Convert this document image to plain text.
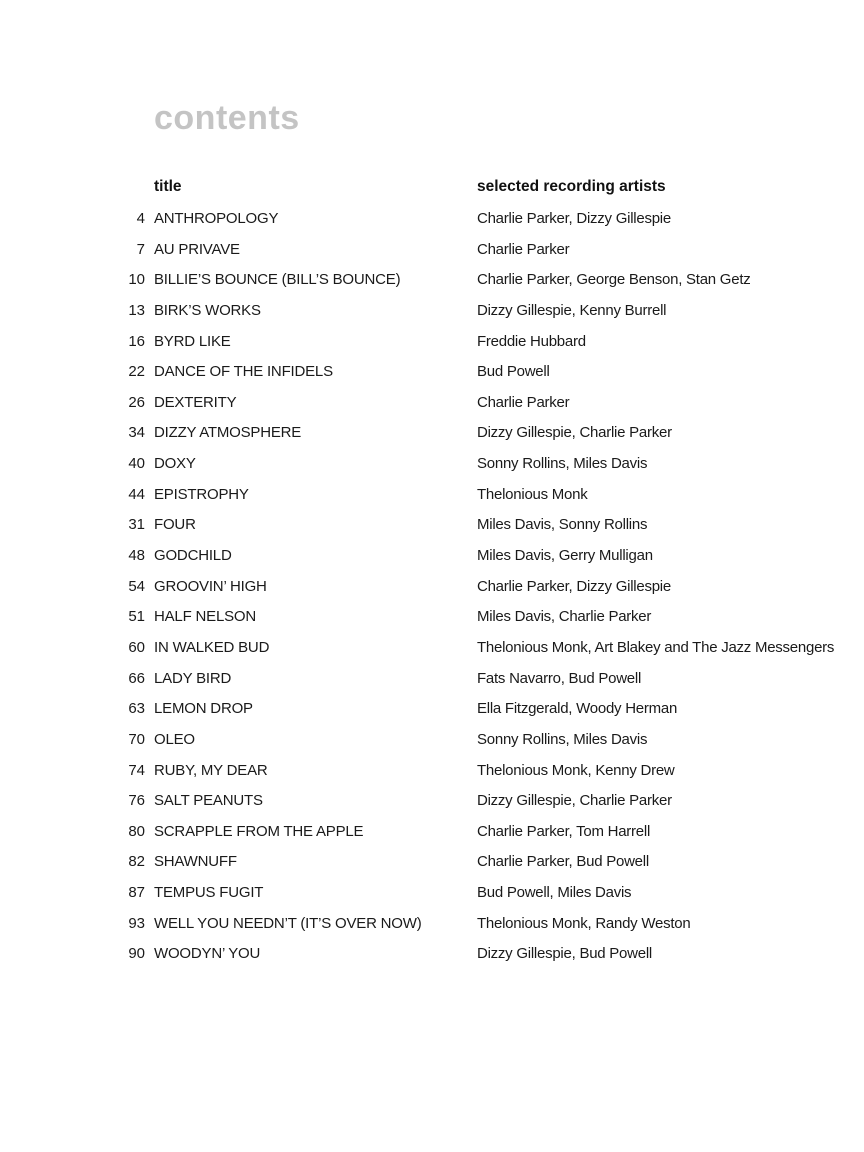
contents
title	selected recording artists
4 ANTHROPOLOGY	Charlie Parker, Dizzy Gillespie
7 AU PRIVAVE	Charlie Parker
10 BILLIE’S BOUNCE (BILL’S BOUNCE)	Charlie Parker, George Benson, Stan Getz
13 BIRK’S WORKS	Dizzy Gillespie, Kenny Burrell
16 BYRD LIKE	Freddie Hubbard
22 DANCE OF THE INFIDELS	Bud Powell
26 DEXTERITY	Charlie Parker
34 DIZZY ATMOSPHERE	Dizzy Gillespie, Charlie Parker
40 DOXY	Sonny Rollins, Miles Davis
44 EPISTROPHY	Thelonious Monk
31 FOUR	Miles Davis, Sonny Rollins
48 GODCHILD	Miles Davis, Gerry Mulligan
54 GROOVIN’ HIGH	Charlie Parker, Dizzy Gillespie
51 HALF NELSON	Miles Davis, Charlie Parker
60 IN WALKED BUD	Thelonious Monk, Art Blakey and The Jazz Messengers
66 LADY BIRD	Fats Navarro, Bud Powell
63 LEMON DROP	Ella Fitzgerald, Woody Herman
70 OLEO	Sonny Rollins, Miles Davis
74 RUBY, MY DEAR	Thelonious Monk, Kenny Drew
76 SALT PEANUTS	Dizzy Gillespie, Charlie Parker
80 SCRAPPLE FROM THE APPLE	Charlie Parker, Tom Harrell
82 SHAWNUFF	Charlie Parker, Bud Powell
87 TEMPUS FUGIT	Bud Powell, Miles Davis
93 WELL YOU NEEDN’T (IT’S OVER NOW)	Thelonious Monk, Randy Weston
90 WOODYN’ YOU	Dizzy Gillespie, Bud Powell
